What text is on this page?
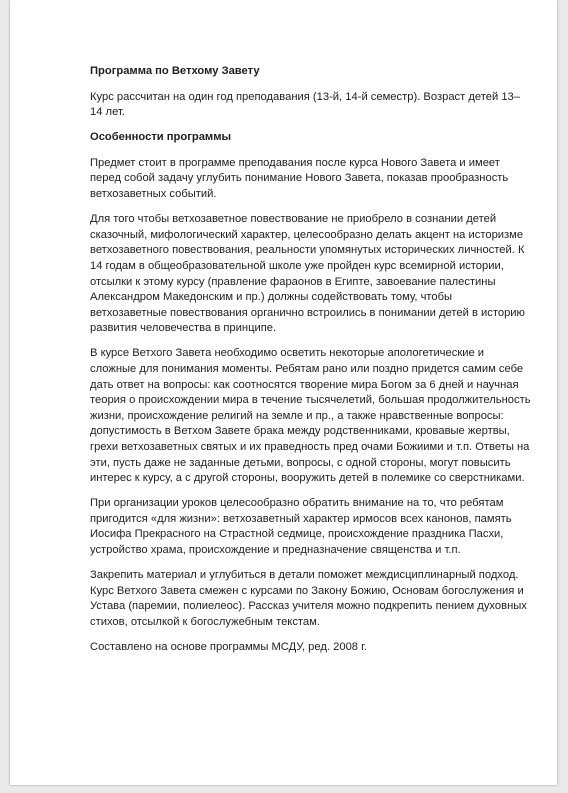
Программа по Ветхому Завету

Курс рассчитан на один год преподавания (13-й, 14-й семестр). Возраст детей 13–14 лет.

Особенности программы

Предмет стоит в программе преподавания после курса Нового Завета и имеет перед собой задачу углубить понимание Нового Завета, показав прообразность ветхозаветных событий.

Для того чтобы ветхозаветное повествование не приобрело в сознании детей сказочный, мифологический характер, целесообразно делать акцент на историзме ветхозаветного повествования, реальности упомянутых исторических личностей. К 14 годам в общеобразовательной школе уже пройден курс всемирной истории, отсылки к этому курсу (правление фараонов в Египте, завоевание палестины Александром Македонским и пр.) должны содействовать тому, чтобы ветхозаветные повествования органично встроились в понимании детей в историю развития человечества в принципе.

В курсе Ветхого Завета необходимо осветить некоторые апологетические и сложные для понимания моменты. Ребятам рано или поздно придется самим себе дать ответ на вопросы: как соотносятся творение мира Богом за 6 дней и научная теория о происхождении мира в течение тысячелетий, большая продолжительность жизни, происхождение религий на земле и пр., а также нравственные вопросы: допустимость в Ветхом Завете брака между родственниками, кровавые жертвы, грехи ветхозаветных святых и их праведность пред очами Божиими и т.п. Ответы на эти, пусть даже не заданные детьми, вопросы, с одной стороны, могут повысить интерес к курсу, а с другой стороны, вооружить детей в полемике со сверстниками.

При организации уроков целесообразно обратить внимание на то, что ребятам пригодится «для жизни»: ветхозаветный характер ирмосов всех канонов, память Иосифа Прекрасного на Страстной седмице, происхождение праздника Пасхи, устройство храма, происхождение и предназначение священства и т.п.

Закрепить материал и углубиться в детали поможет междисциплинарный подход. Курс Ветхого Завета смежен с курсами по Закону Божию, Основам богослужения и Устава (паремии, полиелеос). Рассказ учителя можно подкрепить пением духовных стихов, отсылкой к богослужебным текстам.

Составлено на основе программы МСДУ, ред. 2008 г.
